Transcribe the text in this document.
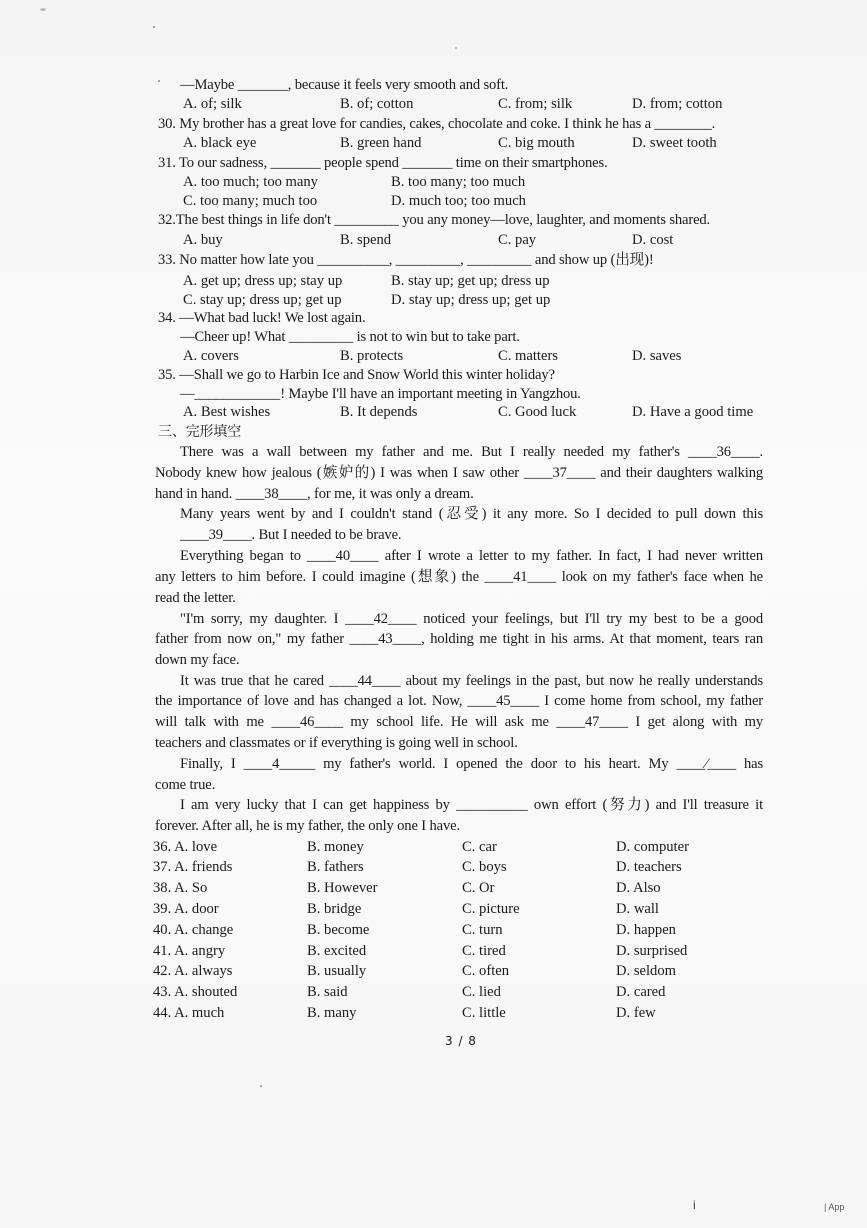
—Maybe _______, because it feels very smooth and soft.
A. of; silk	B. of; cotton	C. from; silk	D. from; cotton
30. My brother has a great love for candies, cakes, chocolate and coke. I think he has a ________.
A. black eye	B. green hand	C. big mouth	D. sweet tooth
31. To our sadness, _______ people spend _______ time on their smartphones.
A. too much; too many	B. too many; too much
C. too many; much too	D. much too; too much
32.The best things in life don't _________ you any money—love, laughter, and moments shared.
A. buy	B. spend	C. pay	D. cost
33. No matter how late you __________, _________, _________ and show up (出现)!
A. get up; dress up; stay up	B. stay up; get up; dress up
C. stay up; dress up; get up	D. stay up; dress up; get up
34. —What bad luck! We lost again.
—Cheer up! What _________ is not to win but to take part.
A. covers	B. protects	C. matters	D. saves
35. —Shall we go to Harbin Ice and Snow World this winter holiday?
—____________! Maybe I'll have an important meeting in Yangzhou.
A. Best wishes	B. It depends	C. Good luck	D. Have a good time
三、完形填空
There was a wall between my father and me. But I really needed my father's ____36____.
Nobody knew how jealous (嫉妒的) I was when I saw other ____37____ and their daughters walking
hand in hand. ____38____, for me, it was only a dream.
Many years went by and I couldn't stand (忍受) it any more. So I decided to pull down this
____39____. But I needed to be brave.
Everything began to ____40____ after I wrote a letter to my father. In fact, I had never written
any letters to him before. I could imagine (想象) the ____41____ look on my father's face when he
read the letter.
"I'm sorry, my daughter. I ____42____ noticed your feelings, but I'll try my best to be a good
father from now on," my father ____43____, holding me tight in his arms. At that moment, tears ran
down my face.
It was true that he cared ____44____ about my feelings in the past, but now he really understands
the importance of love and has changed a lot. Now, ____45____ I come home from school, my father
will talk with me ____46____ my school life. He will ask me ____47____ I get along with my
teachers and classmates or if everything is going well in school.
Finally, I ____4_____ my father's world. I opened the door to his heart. My ____⁄____ has
come true.
I am very lucky that I can get happiness by __________ own effort (努力) and I'll treasure it
forever. After all, he is my father, the only one I have.
36. A. love	B. money	C. car	D. computer
37. A. friends	B. fathers	C. boys	D. teachers
38. A. So	B. However	C. Or	D. Also
39. A. door	B. bridge	C. picture	D. wall
40. A. change	B. become	C. turn	D. happen
41. A. angry	B. excited	C. tired	D. surprised
42. A. always	B. usually	C. often	D. seldom
43. A. shouted	B. said	C. lied	D. cared
44. A. much	B. many	C. little	D. few
3 / 8
i	| App
